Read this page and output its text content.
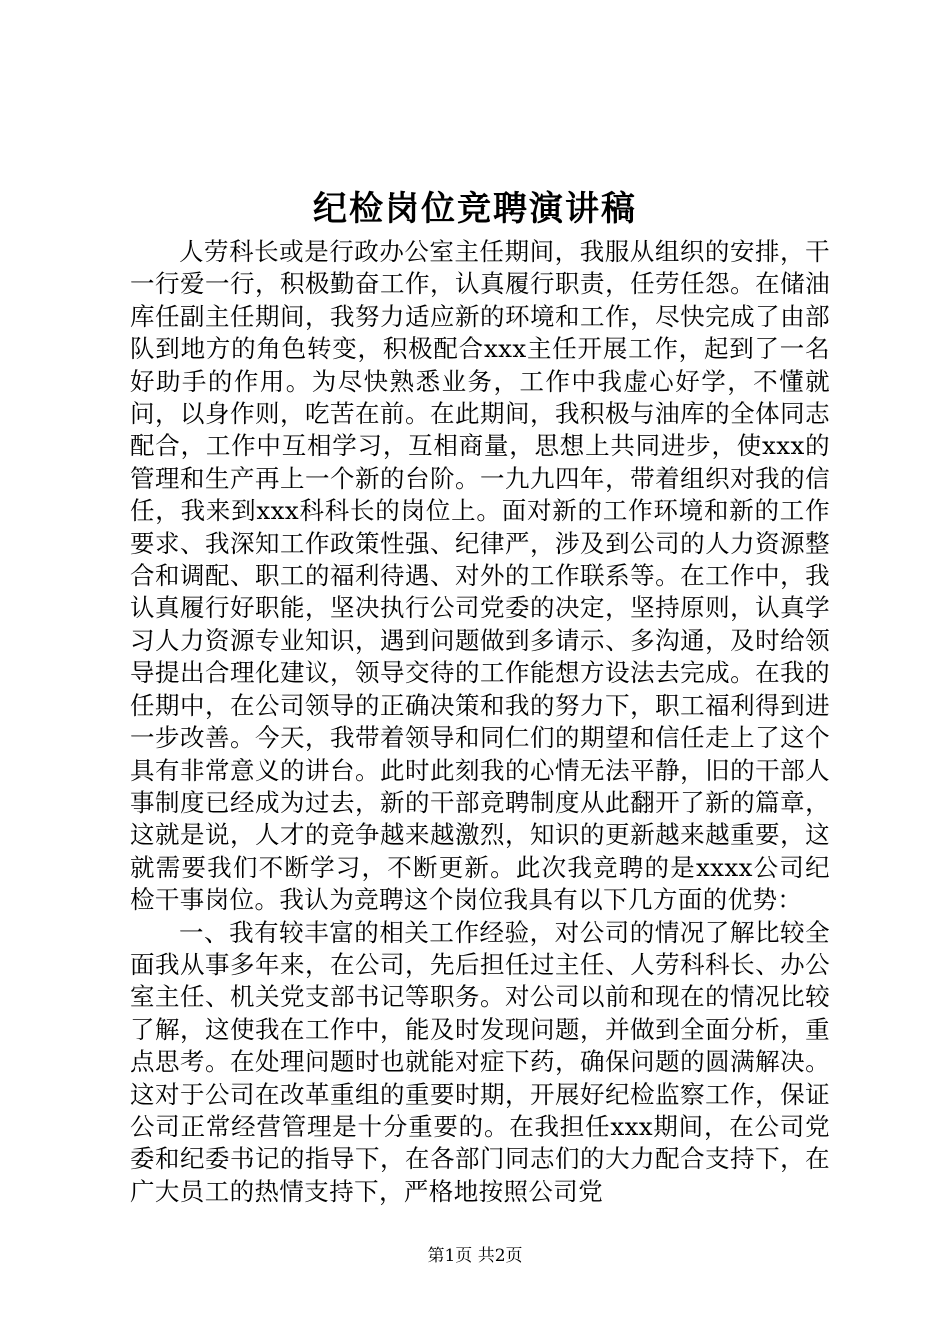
纪检岗位竞聘演讲稿

人劳科长或是行政办公室主任期间，我服从组织的安排，干一行爱一行，积极勤奋工作，认真履行职责，任劳任怨。在储油库任副主任期间，我努力适应新的环境和工作，尽快完成了由部队到地方的角色转变，积极配合xxx主任开展工作，起到了一名好助手的作用。为尽快熟悉业务，工作中我虚心好学，不懂就问，以身作则，吃苦在前。在此期间，我积极与油库的全体同志配合，工作中互相学习，互相商量，思想上共同进步，使xxx的管理和生产再上一个新的台阶。一九九四年，带着组织对我的信任，我来到xxx科科长的岗位上。面对新的工作环境和新的工作要求、我深知工作政策性强、纪律严，涉及到公司的人力资源整合和调配、职工的福利待遇、对外的工作联系等。在工作中，我认真履行好职能，坚决执行公司党委的决定，坚持原则，认真学习人力资源专业知识，遇到问题做到多请示、多沟通，及时给领导提出合理化建议，领导交待的工作能想方设法去完成。在我的任期中，在公司领导的正确决策和我的努力下，职工福利得到进一步改善。今天，我带着领导和同仁们的期望和信任走上了这个具有非常意义的讲台。此时此刻我的心情无法平静，旧的干部人事制度已经成为过去，新的干部竞聘制度从此翻开了新的篇章，这就是说，人才的竞争越来越激烈，知识的更新越来越重要，这就需要我们不断学习，不断更新。此次我竞聘的是xxxx公司纪检干事岗位。我认为竞聘这个岗位我具有以下几方面的优势：

一、我有较丰富的相关工作经验，对公司的情况了解比较全面我从事多年来，在公司，先后担任过主任、人劳科科长、办公室主任、机关党支部书记等职务。对公司以前和现在的情况比较了解，这使我在工作中，能及时发现问题，并做到全面分析，重点思考。在处理问题时也就能对症下药，确保问题的圆满解决。这对于公司在改革重组的重要时期，开展好纪检监察工作，保证公司正常经营管理是十分重要的。在我担任xxx期间，在公司党委和纪委书记的指导下，在各部门同志们的大力配合支持下，在广大员工的热情支持下，严格地按照公司党

第1页 共2页
